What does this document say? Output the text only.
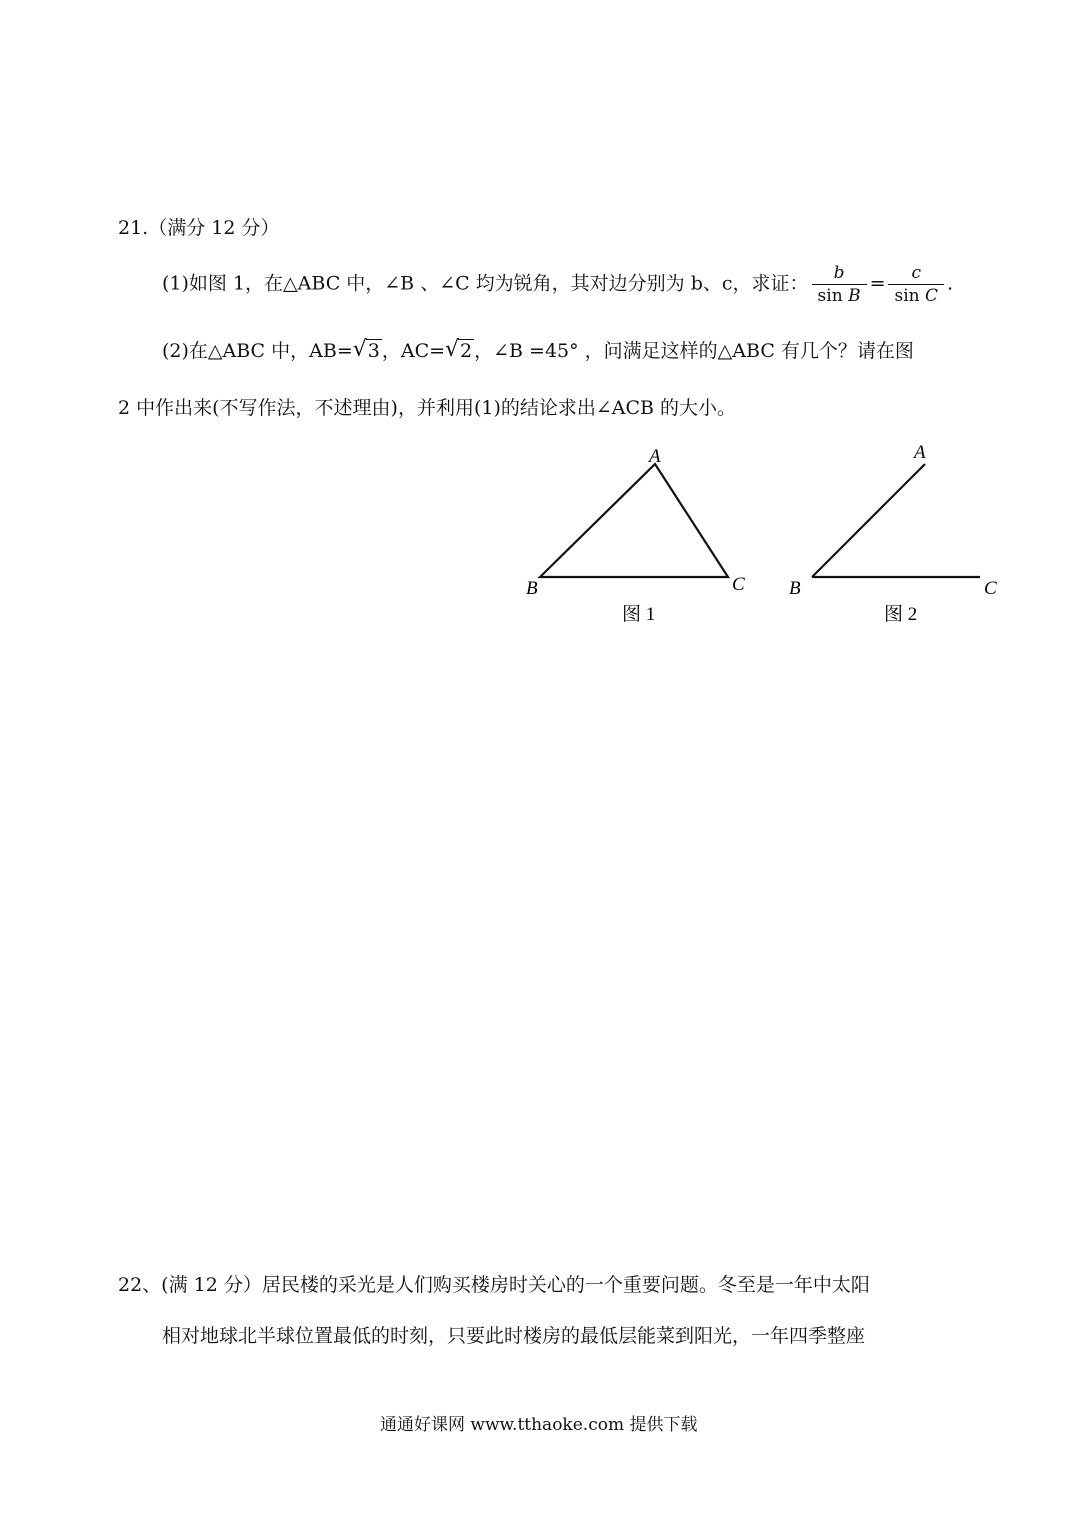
21.（满分 12 分）
(1)如图 1，在△ABC 中，∠B 、∠C 均为锐角，其对边分别为 b、c，求证： $\frac{b}{\text{sin B}} = \frac{c}{\text{sin C}}$ .
(2)在△ABC 中，AB= √ 3 ，AC= √ 2 ，∠B =45° ，问满足这样的△ABC 有几个？请在图
2 中作出来(不写作法，不述理由)，并利用(1)的结论求出∠ACB 的大小。
A
B	C
图 1
A
B	C
图 2
22、(满 12 分）居民楼的采光是人们购买楼房时关心的一个重要问题。冬至是一年中太阳
相对地球北半球位置最低的时刻，只要此时楼房的最低层能菜到阳光，一年四季整座
通通好课网 www.tthaoke.com 提供下载
